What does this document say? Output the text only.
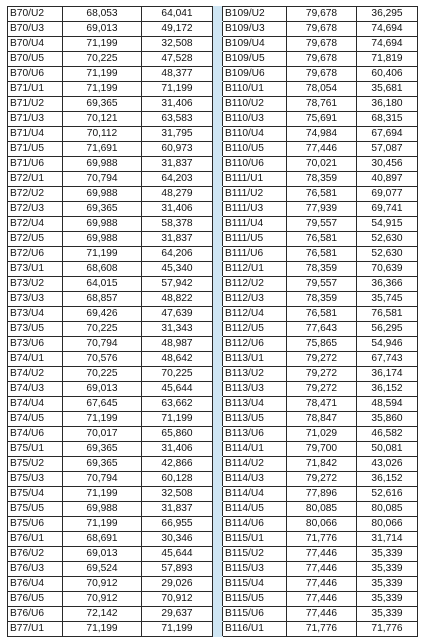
B70/U2	68,053	64,041		B109/U2	79,678	36,295
B70/U3	69,013	49,172		B109/U3	79,678	74,694
B70/U4	71,199	32,508		B109/U4	79,678	74,694
B70/U5	70,225	47,528		B109/U5	79,678	71,819
B70/U6	71,199	48,377		B109/U6	79,678	60,406
B71/U1	71,199	71,199		B110/U1	78,054	35,681
B71/U2	69,365	31,406		B110/U2	78,761	36,180
B71/U3	70,121	63,583		B110/U3	75,691	68,315
B71/U4	70,112	31,795		B110/U4	74,984	67,694
B71/U5	71,691	60,973		B110/U5	77,446	57,087
B71/U6	69,988	31,837		B110/U6	70,021	30,456
B72/U1	70,794	64,203		B111/U1	78,359	40,897
B72/U2	69,988	48,279		B111/U2	76,581	69,077
B72/U3	69,365	31,406		B111/U3	77,939	69,741
B72/U4	69,988	58,378		B111/U4	79,557	54,915
B72/U5	69,988	31,837		B111/U5	76,581	52,630
B72/U6	71,199	64,206		B111/U6	76,581	52,630
B73/U1	68,608	45,340		B112/U1	78,359	70,639
B73/U2	64,015	57,942		B112/U2	79,557	36,366
B73/U3	68,857	48,822		B112/U3	78,359	35,745
B73/U4	69,426	47,639		B112/U4	76,581	76,581
B73/U5	70,225	31,343		B112/U5	77,643	56,295
B73/U6	70,794	48,987		B112/U6	75,865	54,946
B74/U1	70,576	48,642		B113/U1	79,272	67,743
B74/U2	70,225	70,225		B113/U2	79,272	36,174
B74/U3	69,013	45,644		B113/U3	79,272	36,152
B74/U4	67,645	63,662		B113/U4	78,471	48,594
B74/U5	71,199	71,199		B113/U5	78,847	35,860
B74/U6	70,017	65,860		B113/U6	71,029	46,582
B75/U1	69,365	31,406		B114/U1	79,700	50,081
B75/U2	69,365	42,866		B114/U2	71,842	43,026
B75/U3	70,794	60,128		B114/U3	79,272	36,152
B75/U4	71,199	32,508		B114/U4	77,896	52,616
B75/U5	69,988	31,837		B114/U5	80,085	80,085
B75/U6	71,199	66,955		B114/U6	80,066	80,066
B76/U1	68,691	30,346		B115/U1	71,776	31,714
B76/U2	69,013	45,644		B115/U2	77,446	35,339
B76/U3	69,524	57,893		B115/U3	77,446	35,339
B76/U4	70,912	29,026		B115/U4	77,446	35,339
B76/U5	70,912	70,912		B115/U5	77,446	35,339
B76/U6	72,142	29,637		B115/U6	77,446	35,339
B77/U1	71,199	71,199		B116/U1	71,776	71,776
